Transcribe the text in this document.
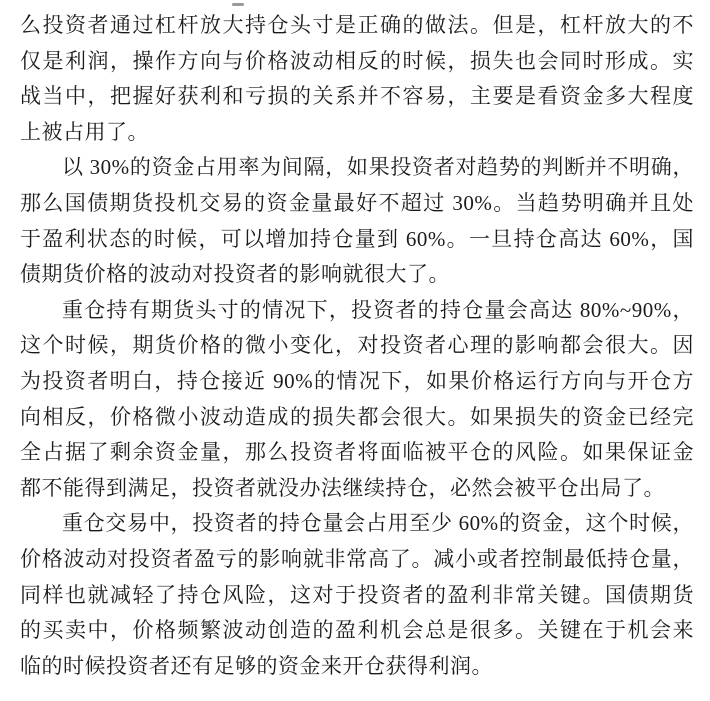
么投资者通过杠杆放大持仓头寸是正确的做法。但是，杠杆放大的不
仅是利润，操作方向与价格波动相反的时候，损失也会同时形成。实
战当中，把握好获利和亏损的关系并不容易，主要是看资金多大程度
上被占用了。
以 30%的资金占用率为间隔，如果投资者对趋势的判断并不明确，
那么国债期货投机交易的资金量最好不超过 30%。当趋势明确并且处
于盈利状态的时候，可以增加持仓量到 60%。一旦持仓高达 60%，国
债期货价格的波动对投资者的影响就很大了。
重仓持有期货头寸的情况下，投资者的持仓量会高达 80%~90%，
这个时候，期货价格的微小变化，对投资者心理的影响都会很大。因
为投资者明白，持仓接近 90%的情况下，如果价格运行方向与开仓方
向相反，价格微小波动造成的损失都会很大。如果损失的资金已经完
全占据了剩余资金量，那么投资者将面临被平仓的风险。如果保证金
都不能得到满足，投资者就没办法继续持仓，必然会被平仓出局了。
重仓交易中，投资者的持仓量会占用至少 60%的资金，这个时候，
价格波动对投资者盈亏的影响就非常高了。减小或者控制最低持仓量，
同样也就减轻了持仓风险，这对于投资者的盈利非常关键。国债期货
的买卖中，价格频繁波动创造的盈利机会总是很多。关键在于机会来
临的时候投资者还有足够的资金来开仓获得利润。
